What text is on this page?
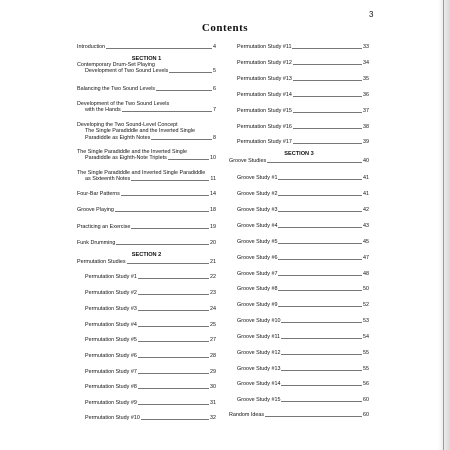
3
Contents
Introduction	4
SECTION 1
Contemporary Drum-Set Playing
Development of Two Sound Levels	5
Balancing the Two Sound Levels	6
Development of the Two Sound Levels
with the Hands	7
Developing the Two Sound-Level Concept
The Single Paradiddle and the Inverted Single
Paradiddle as Eighth Notes	8
The Single Paradiddle and the Inverted Single
Paradiddle as Eighth-Note Triplets	10
The Single Paradiddle and Inverted Single Paradiddle
as Sixteenth Notes	11
Four-Bar Patterns	14
Groove Playing	18
Practicing an Exercise	19
Funk Drumming	20
SECTION 2
Permutation Studies	21
Permutation Study #1	22
Permutation Study #2	23
Permutation Study #3	24
Permutation Study #4	25
Permutation Study #5	27
Permutation Study #6	28
Permutation Study #7	29
Permutation Study #8	30
Permutation Study #9	31
Permutation Study #10	32
Permutation Study #11	33
Permutation Study #12	34
Permutation Study #13	35
Permutation Study #14	36
Permutation Study #15	37
Permutation Study #16	38
Permutation Study #17	39
SECTION 3
Groove Studies	40
Groove Study #1	41
Groove Study #2	41
Groove Study #3	42
Groove Study #4	43
Groove Study #5	45
Groove Study #6	47
Groove Study #7	48
Groove Study #8	50
Groove Study #9	52
Groove Study #10	53
Groove Study #11	54
Groove Study #12	55
Groove Study #13	55
Groove Study #14	56
Groove Study #15	60
Random Ideas	60
